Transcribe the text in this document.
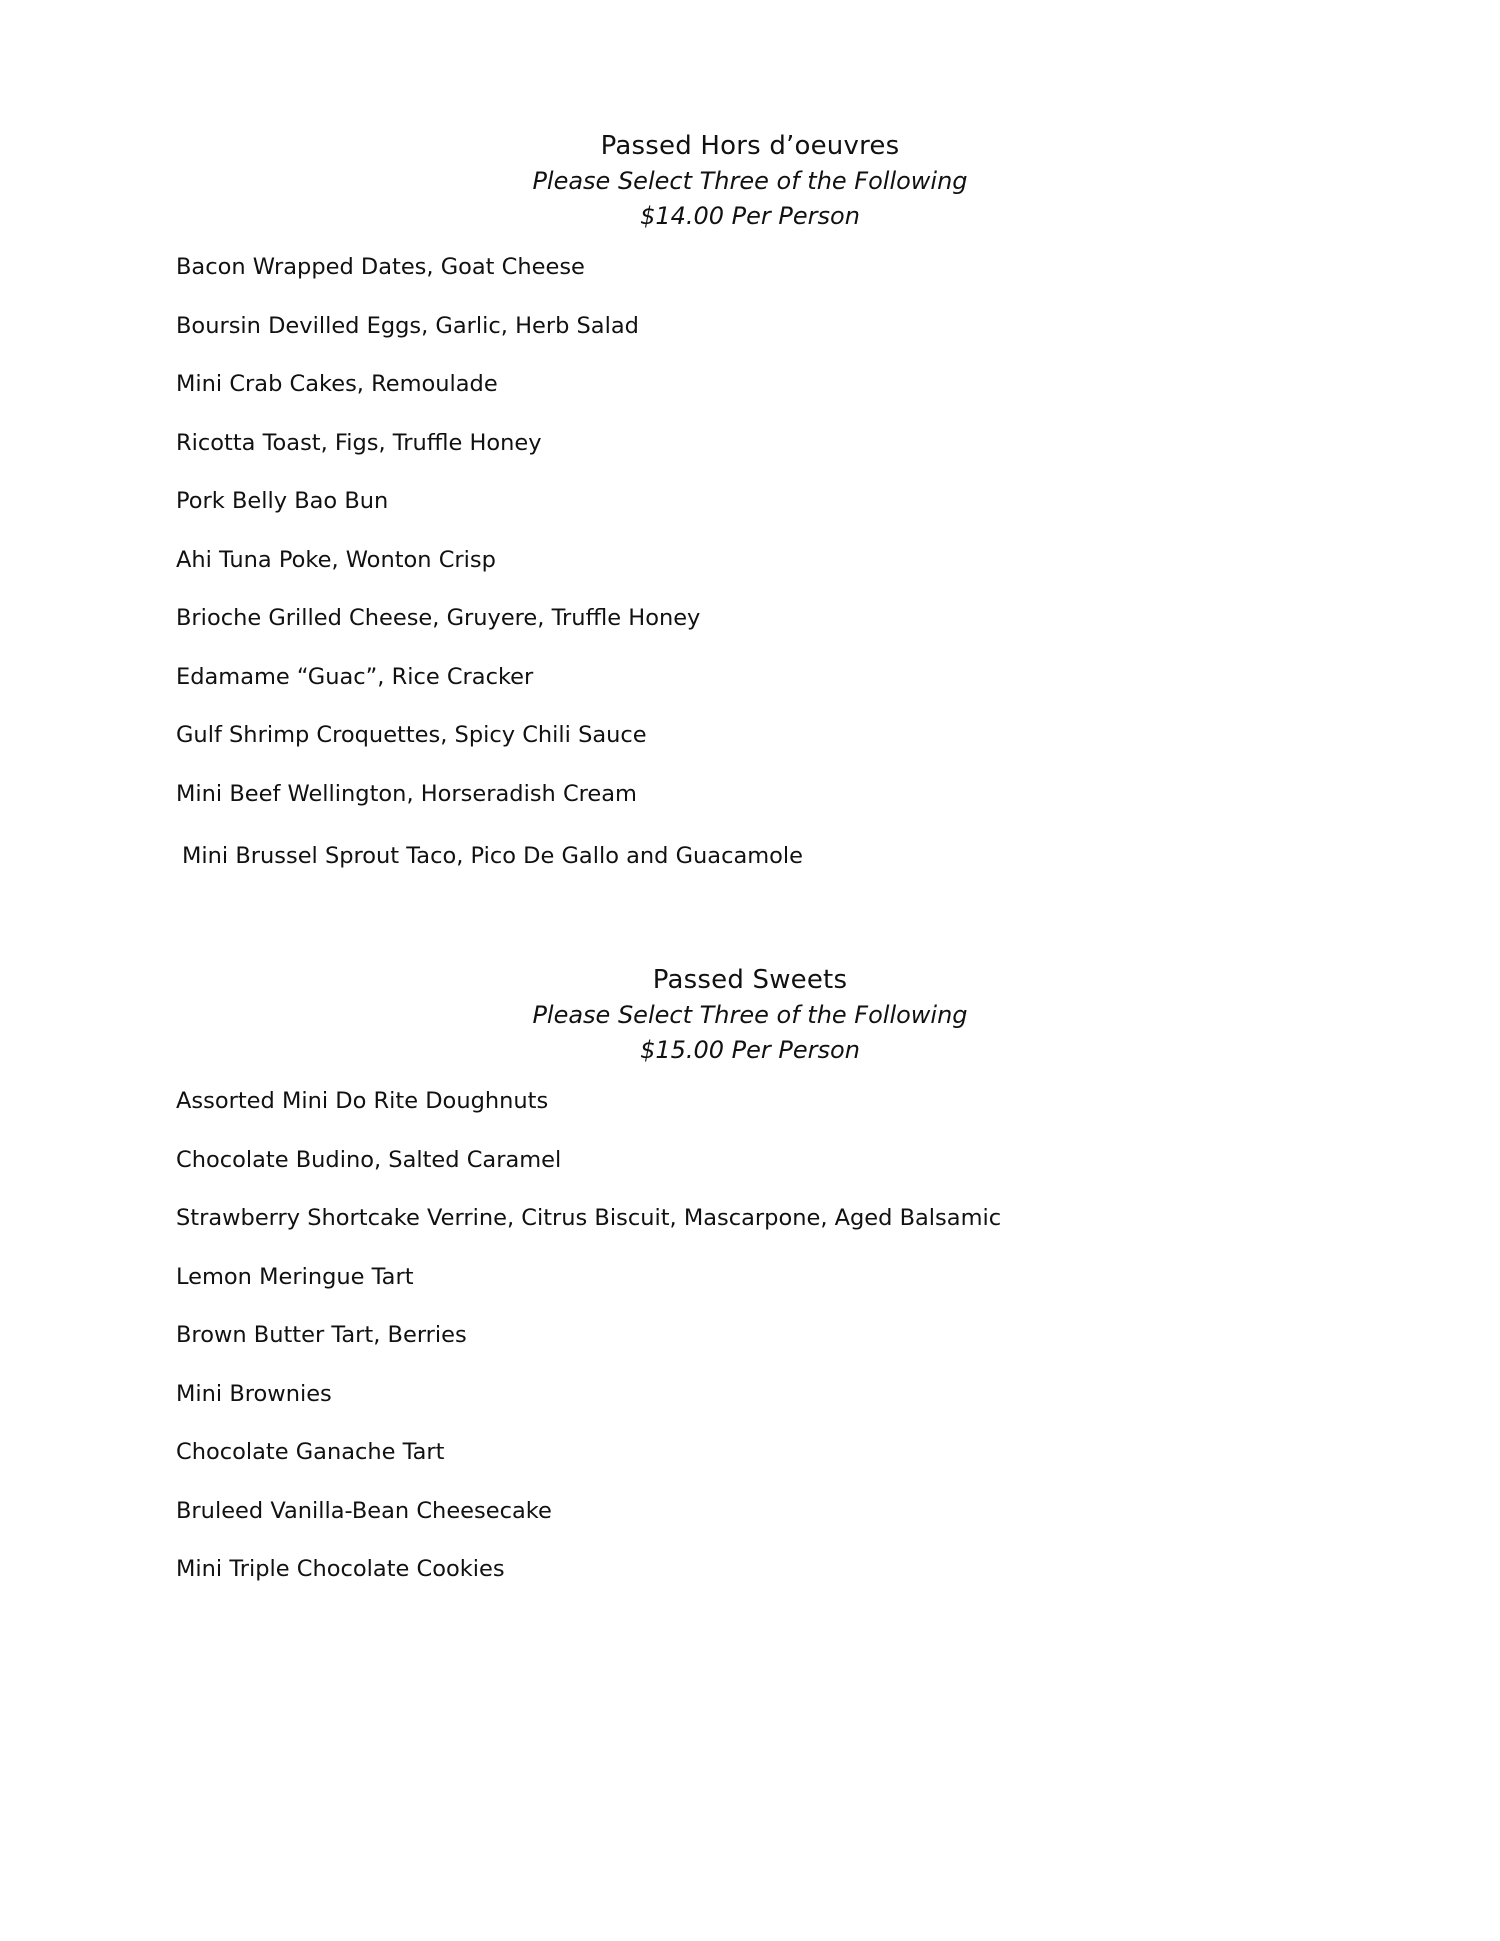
Passed Hors d’oeuvres

Please Select Three of the Following

$14.00 Per Person

Bacon Wrapped Dates, Goat Cheese
Boursin Devilled Eggs, Garlic, Herb Salad
Mini Crab Cakes, Remoulade
Ricotta Toast, Figs, Truffle Honey
Pork Belly Bao Bun
Ahi Tuna Poke, Wonton Crisp
Brioche Grilled Cheese, Gruyere, Truffle Honey
Edamame “Guac”, Rice Cracker
Gulf Shrimp Croquettes, Spicy Chili Sauce
Mini Beef Wellington, Horseradish Cream
Mini Brussel Sprout Taco, Pico De Gallo and Guacamole

Passed Sweets

Please Select Three of the Following

$15.00 Per Person

Assorted Mini Do Rite Doughnuts
Chocolate Budino, Salted Caramel
Strawberry Shortcake Verrine, Citrus Biscuit, Mascarpone, Aged Balsamic
Lemon Meringue Tart
Brown Butter Tart, Berries
Mini Brownies
Chocolate Ganache Tart
Bruleed Vanilla-Bean Cheesecake
Mini Triple Chocolate Cookies
